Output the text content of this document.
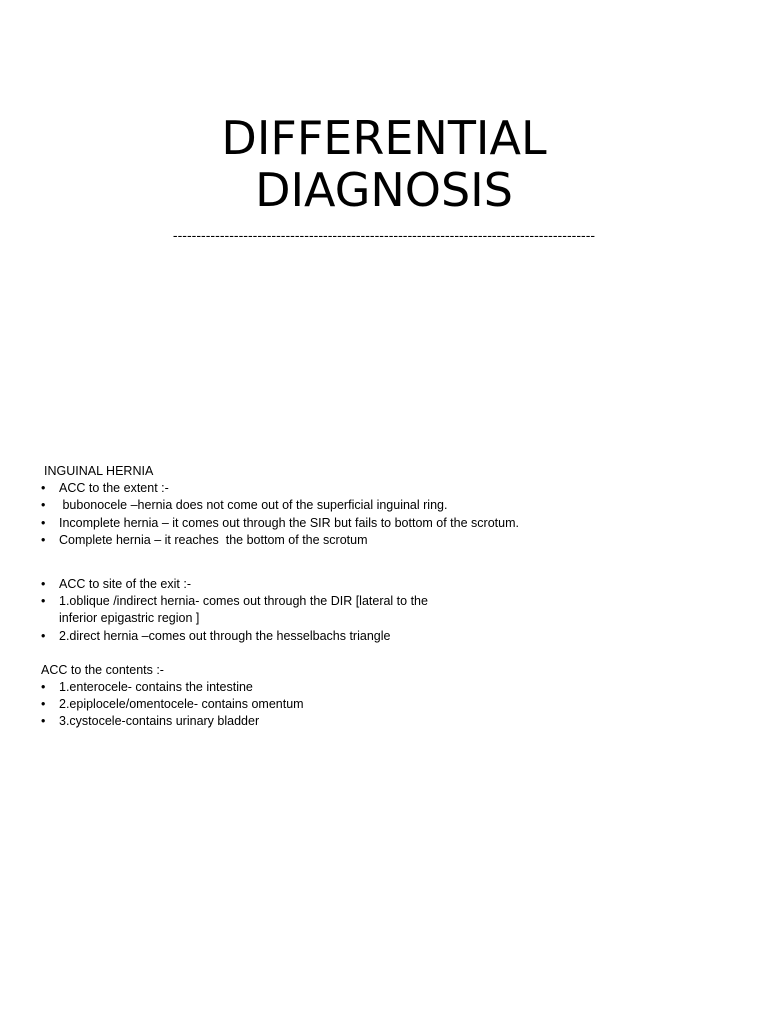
DIFFERENTIAL
DIAGNOSIS
------------------------------------------------------------------------------------------

INGUINAL HERNIA

• ACC to the extent :-
• bubonocele –hernia does not come out of the superficial inguinal ring.
• Incomplete hernia – it comes out through the SIR but fails to bottom of the scrotum.
• Complete hernia – it reaches  the bottom of the scrotum
• ACC to site of the exit :-
• 1.oblique /indirect hernia- comes out through the DIR [lateral to the inferior epigastric region ]
• 2.direct hernia –comes out through the hesselbachs triangle

ACC to the contents :-

• 1.enterocele- contains the intestine
• 2.epiplocele/omentocele- contains omentum
• 3.cystocele-contains urinary bladder
